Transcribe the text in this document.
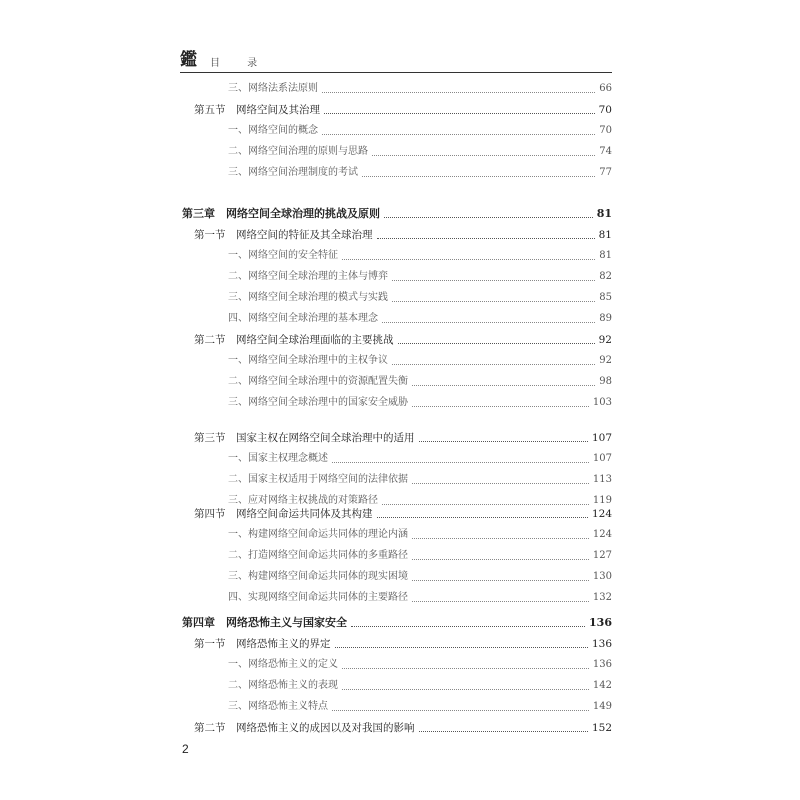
鑑 目 录
三、网络法系法原则	66
第五节　网络空间及其治理	70
一、网络空间的概念	70
二、网络空间治理的原则与思路	74
三、网络空间治理制度的考试	77
第三章　网络空间全球治理的挑战及原则	81
第一节　网络空间的特征及其全球治理	81
一、网络空间的安全特征	81
二、网络空间全球治理的主体与博弈	82
三、网络空间全球治理的模式与实践	85
四、网络空间全球治理的基本理念	89
第二节　网络空间全球治理面临的主要挑战	92
一、网络空间全球治理中的主权争议	92
二、网络空间全球治理中的资源配置失衡	98
三、网络空间全球治理中的国家安全威胁	103
第三节　国家主权在网络空间全球治理中的适用	107
一、国家主权理念概述	107
二、国家主权适用于网络空间的法律依据	113
三、应对网络主权挑战的对策路径	119
第四节　网络空间命运共同体及其构建	124
一、构建网络空间命运共同体的理论内涵	124
二、打造网络空间命运共同体的多重路径	127
三、构建网络空间命运共同体的现实困境	130
四、实现网络空间命运共同体的主要路径	132
第四章　网络恐怖主义与国家安全	136
第一节　网络恐怖主义的界定	136
一、网络恐怖主义的定义	136
二、网络恐怖主义的表现	142
三、网络恐怖主义特点	149
第二节　网络恐怖主义的成因以及对我国的影响	152
2
